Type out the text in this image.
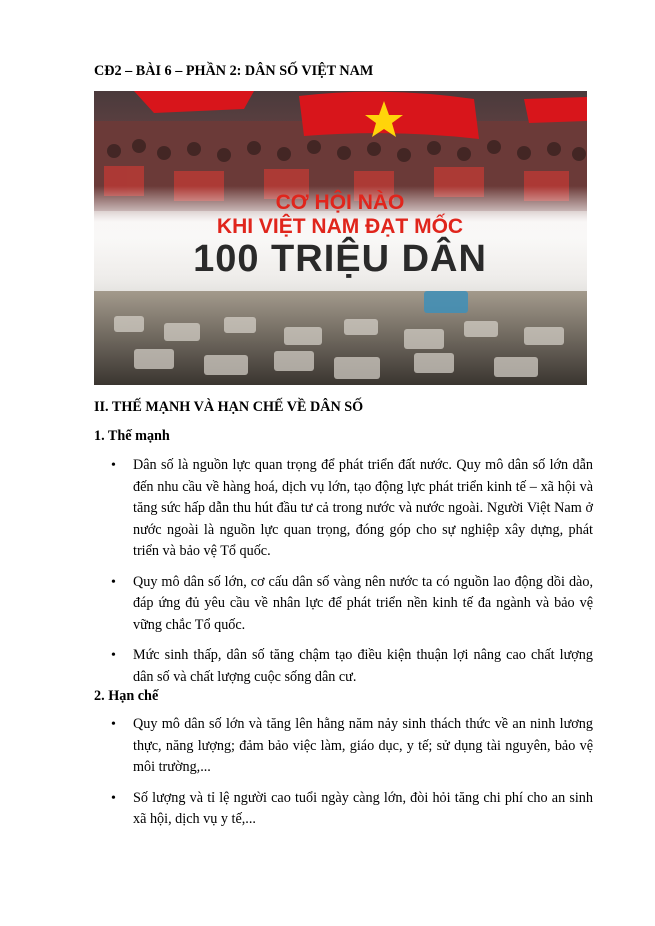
CĐ2 – BÀI 6 – PHẦN 2: DÂN SỐ VIỆT NAM
CƠ HỘI NÀO
KHI VIỆT NAM ĐẠT MỐC
100 TRIỆU DÂN
II. THẾ MẠNH VÀ HẠN CHẾ VỀ DÂN SỐ
1. Thế mạnh
• Dân số là nguồn lực quan trọng để phát triển đất nước. Quy mô dân số lớn dẫn đến nhu cầu về hàng hoá, dịch vụ lớn, tạo động lực phát triển kinh tế – xã hội và tăng sức hấp dẫn thu hút đầu tư cả trong nước và nước ngoài. Người Việt Nam ở nước ngoài là nguồn lực quan trọng, đóng góp cho sự nghiệp xây dựng, phát triển và bảo vệ Tổ quốc.
• Quy mô dân số lớn, cơ cấu dân số vàng nên nước ta có nguồn lao động dồi dào, đáp ứng đủ yêu cầu về nhân lực để phát triển nền kinh tế đa ngành và bảo vệ vững chắc Tổ quốc.
• Mức sinh thấp, dân số tăng chậm tạo điều kiện thuận lợi nâng cao chất lượng dân số và chất lượng cuộc sống dân cư.
2. Hạn chế
• Quy mô dân số lớn và tăng lên hằng năm nảy sinh thách thức về an ninh lương thực, năng lượng; đảm bảo việc làm, giáo dục, y tế; sử dụng tài nguyên, bảo vệ môi trường,...
• Số lượng và tỉ lệ người cao tuổi ngày càng lớn, đòi hỏi tăng chi phí cho an sinh xã hội, dịch vụ y tế,...
